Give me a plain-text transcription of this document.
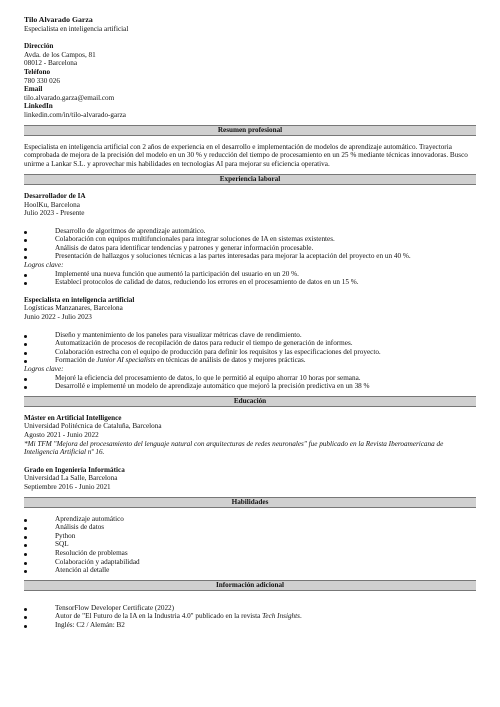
Tilo Alvarado Garza
Especialista en inteligencia artificial
Dirección
Avda. de los Campos, 81
08012 - Barcelona
Teléfono
780 330 026
Email
tilo.alvarado.garza@email.com
LinkedIn
linkedin.com/in/tilo-alvarado-garza
Resumen profesional
Especialista en inteligencia artificial con 2 años de experiencia en el desarrollo e implementación de modelos de aprendizaje automático. Trayectoria comprobada de mejora de la precisión del modelo en un 30 % y reducción del tiempo de procesamiento en un 25 % mediante técnicas innovadoras. Busco unirme a Lankar S.L. y aprovechar mis habilidades en tecnologías AI para mejorar su eficiencia operativa.
Experiencia laboral
Desarrollador de IA
HoolKu, Barcelona
Julio 2023 - Presente
Desarrollo de algoritmos de aprendizaje automático.
Colaboración con equipos multifuncionales para integrar soluciones de IA en sistemas existentes.
Análisis de datos para identificar tendencias y patrones y generar información procesable.
Presentación de hallazgos y soluciones técnicas a las partes interesadas para mejorar la aceptación del proyecto en un 40 %.
Logros clave:
Implementé una nueva función que aumentó la participación del usuario en un 20 %.
Establecí protocolos de calidad de datos, reduciendo los errores en el procesamiento de datos en un 15 %.
Especialista en inteligencia artificial
Logísticas Manzanares, Barcelona
Junio 2022 - Julio 2023
Diseño y mantenimiento de los paneles para visualizar métricas clave de rendimiento.
Automatización de procesos de recopilación de datos para reducir el tiempo de generación de informes.
Colaboración estrecha con el equipo de producción para definir los requisitos y las especificaciones del proyecto.
Formación de Junior AI specialists en técnicas de análisis de datos y mejores prácticas.
Logros clave:
Mejoré la eficiencia del procesamiento de datos, lo que le permitió al equipo ahorrar 10 horas por semana.
Desarrollé e implementé un modelo de aprendizaje automático que mejoró la precisión predictiva en un 38 %
Educación
Máster en Artificial Intelligence
Universidad Politécnica de Cataluña, Barcelona
Agosto 2021 - Junio 2022
*Mi TFM "Mejora del procesamiento del lenguaje natural con arquitecturas de redes neuronales" fue publicado en la Revista Iberoamericana de Inteligencia Artificial nº 16.
Grado en Ingeniería Informática
Universidad La Salle, Barcelona
Septiembre 2016 - Junio 2021
Habilidades
Aprendizaje automático
Análisis de datos
Python
SQL
Resolución de problemas
Colaboración y adaptabilidad
Atención al detalle
Información adicional
TensorFlow Developer Certificate (2022)
Autor de "El Futuro de la IA en la Industria 4.0" publicado en la revista Tech Insights.
Inglés: C2 / Alemán: B2
